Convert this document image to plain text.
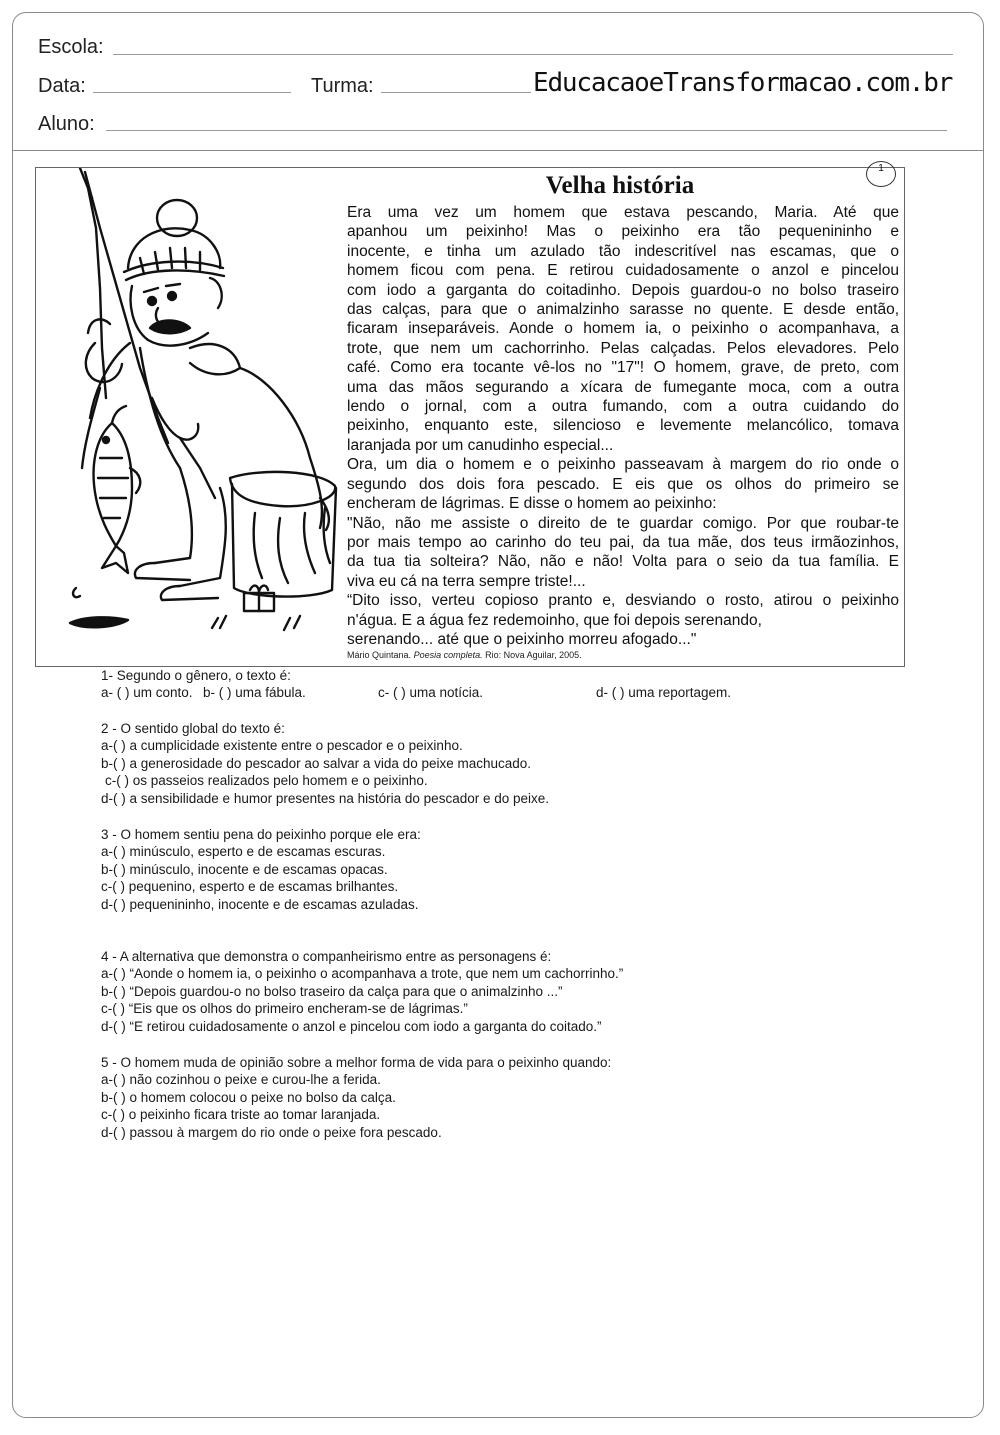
Escola:
Data:	Turma:	EducacaoeTransformacao.com.br
Aluno:
Velha história
1
Era uma vez um homem que estava pescando, Maria. Até que
apanhou um peixinho! Mas o peixinho era tão pequenininho e
inocente, e tinha um azulado tão indescritível nas escamas, que o
homem ficou com pena. E retirou cuidadosamente o anzol e pincelou
com iodo a garganta do coitadinho. Depois guardou-o no bolso traseiro
das calças, para que o animalzinho sarasse no quente. E desde então,
ficaram inseparáveis. Aonde o homem ia, o peixinho o acompanhava, a
trote, que nem um cachorrinho. Pelas calçadas. Pelos elevadores. Pelo
café. Como era tocante vê-los no "17"! O homem, grave, de preto, com
uma das mãos segurando a xícara de fumegante moca, com a outra
lendo o jornal, com a outra fumando, com a outra cuidando do
peixinho, enquanto este, silencioso e levemente melancólico, tomava
laranjada por um canudinho especial...
Ora, um dia o homem e o peixinho passeavam à margem do rio onde o
segundo dos dois fora pescado. E eis que os olhos do primeiro se
encheram de lágrimas. E disse o homem ao peixinho:
"Não, não me assiste o direito de te guardar comigo. Por que roubar-te
por mais tempo ao carinho do teu pai, da tua mãe, dos teus irmãozinhos,
da tua tia solteira? Não, não e não! Volta para o seio da tua família. E
viva eu cá na terra sempre triste!...
“Dito isso, verteu copioso pranto e, desviando o rosto, atirou o peixinho
n'água. E a água fez redemoinho, que foi depois serenando,
serenando... até que o peixinho morreu afogado..."
Mário Quintana. Poesia completa. Rio: Nova Aguilar, 2005.
1- Segundo o gênero, o texto é:
a- ( ) um conto. b- ( ) uma fábula.	c- ( ) uma notícia.	d- ( ) uma reportagem.
2 - O sentido global do texto é:
a-( ) a cumplicidade existente entre o pescador e o peixinho.
b-( ) a generosidade do pescador ao salvar a vida do peixe machucado.
c-( ) os passeios realizados pelo homem e o peixinho.
d-( ) a sensibilidade e humor presentes na história do pescador e do peixe.
3 - O homem sentiu pena do peixinho porque ele era:
a-( ) minúsculo, esperto e de escamas escuras.
b-( ) minúsculo, inocente e de escamas opacas.
c-( ) pequenino, esperto e de escamas brilhantes.
d-( ) pequenininho, inocente e de escamas azuladas.
4 - A alternativa que demonstra o companheirismo entre as personagens é:
a-( ) “Aonde o homem ia, o peixinho o acompanhava a trote, que nem um cachorrinho.”
b-( ) “Depois guardou-o no bolso traseiro da calça para que o animalzinho ...”
c-( ) “Eis que os olhos do primeiro encheram-se de lágrimas.”
d-( ) “E retirou cuidadosamente o anzol e pincelou com iodo a garganta do coitado.”
5 - O homem muda de opinião sobre a melhor forma de vida para o peixinho quando:
a-( ) não cozinhou o peixe e curou-lhe a ferida.
b-( ) o homem colocou o peixe no bolso da calça.
c-( ) o peixinho ficara triste ao tomar laranjada.
d-( ) passou à margem do rio onde o peixe fora pescado.
